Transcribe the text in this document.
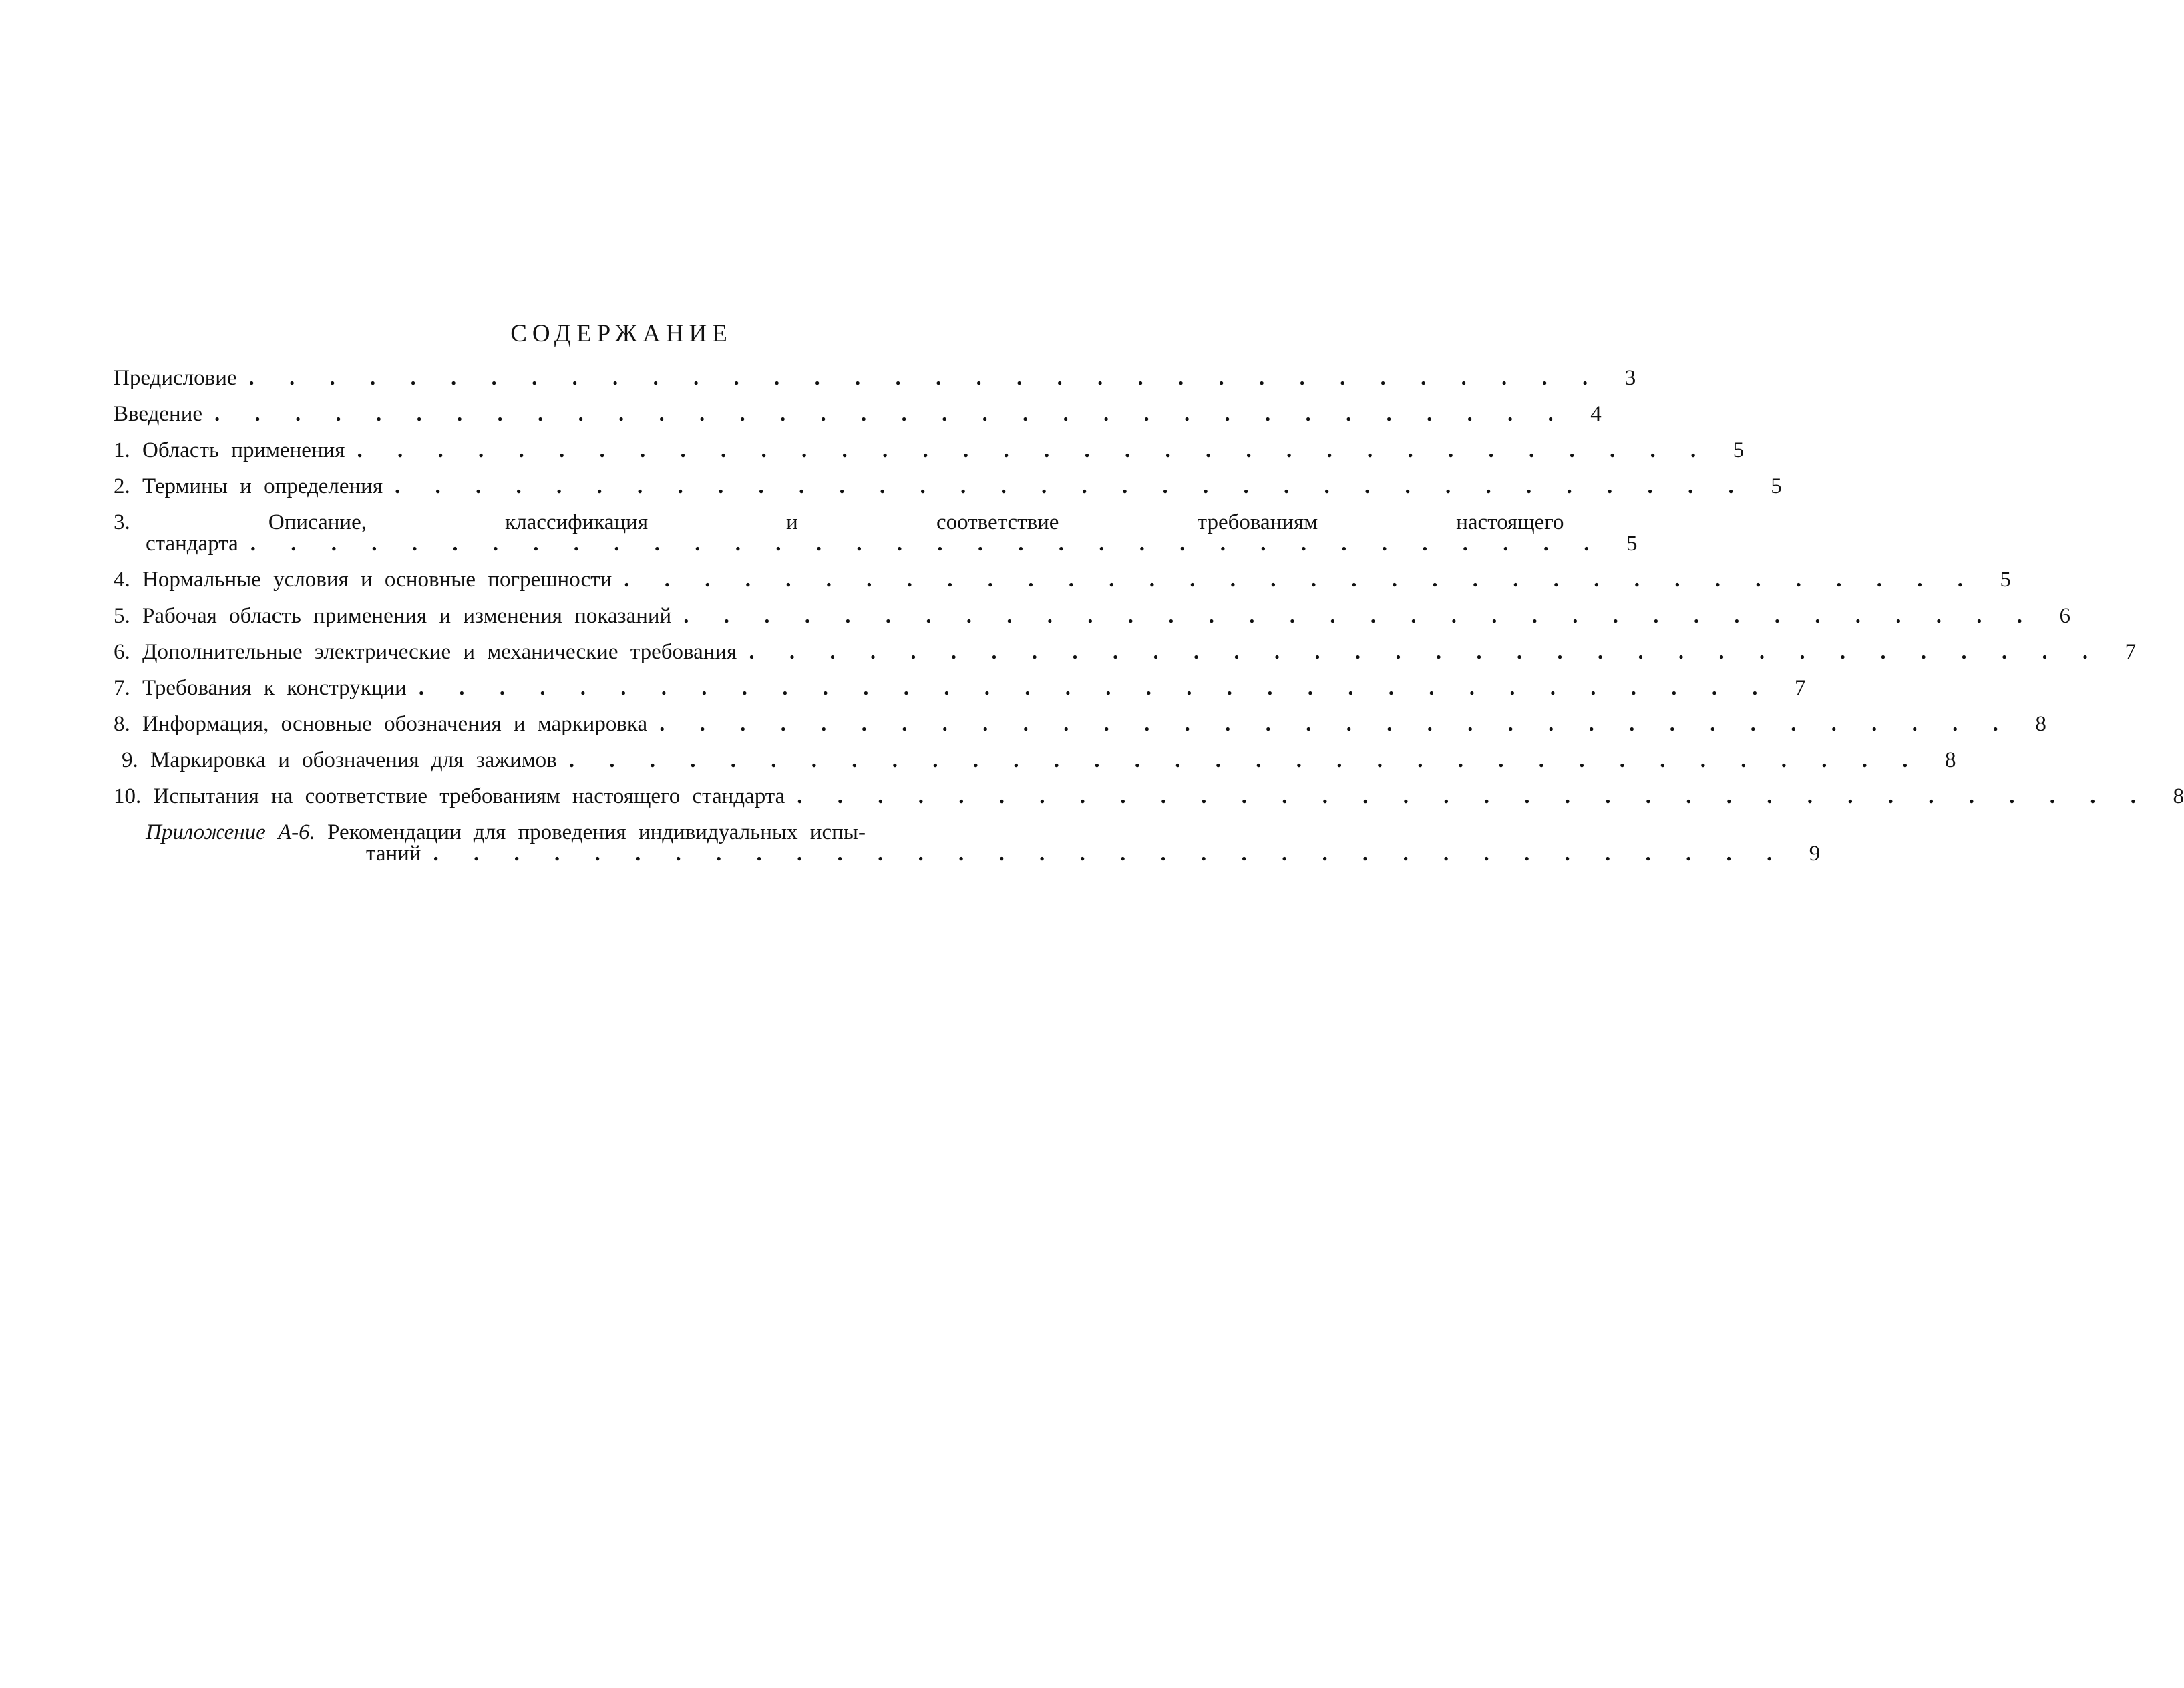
СОДЕРЖАНИЕ
Предисловие . . . . . . . . . . . . . . . . . . . . . . . . . . . . . . . . . .	3
Введение . . . . . . . . . . . . . . . . . . . . . . . . . . . . . . . . . .	4
1. Область применения . . . . . . . . . . . . . . . . . . . . . . . . . . . . . . . . . .	5
2. Термины и определения . . . . . . . . . . . . . . . . . . . . . . . . . . . . . . . . . .	5
3. Описание, классификация и соответствие требованиям настоящего
стандарта . . . . . . . . . . . . . . . . . . . . . . . . . . . . . . . . . .	5
4. Нормальные условия и основные погрешности . . . . . . . . . . . . . . . . . . . . . . . . . . . . . . . . . .	5
5. Рабочая область применения и изменения показаний . . . . . . . . . . . . . . . . . . . . . . . . . . . . . . . . . .	6
6. Дополнительные электрические и механические требования . . . . . . . . . . . . . . . . . . . . . . . . . . . . . . . . . .	7
7. Требования к конструкции . . . . . . . . . . . . . . . . . . . . . . . . . . . . . . . . . .	7
8. Информация, основные обозначения и маркировка . . . . . . . . . . . . . . . . . . . . . . . . . . . . . . . . . .	8
9. Маркировка и обозначения для зажимов . . . . . . . . . . . . . . . . . . . . . . . . . . . . . . . . . .	8
10. Испытания на соответствие требованиям настоящего стандарта . . . . . . . . . . . . . . . . . . . . . . . . . . . . . . . . . .	8
Приложение А-6. Рекомендации для проведения индивидуальных испы-
таний . . . . . . . . . . . . . . . . . . . . . . . . . . . . . . . . . .	9
